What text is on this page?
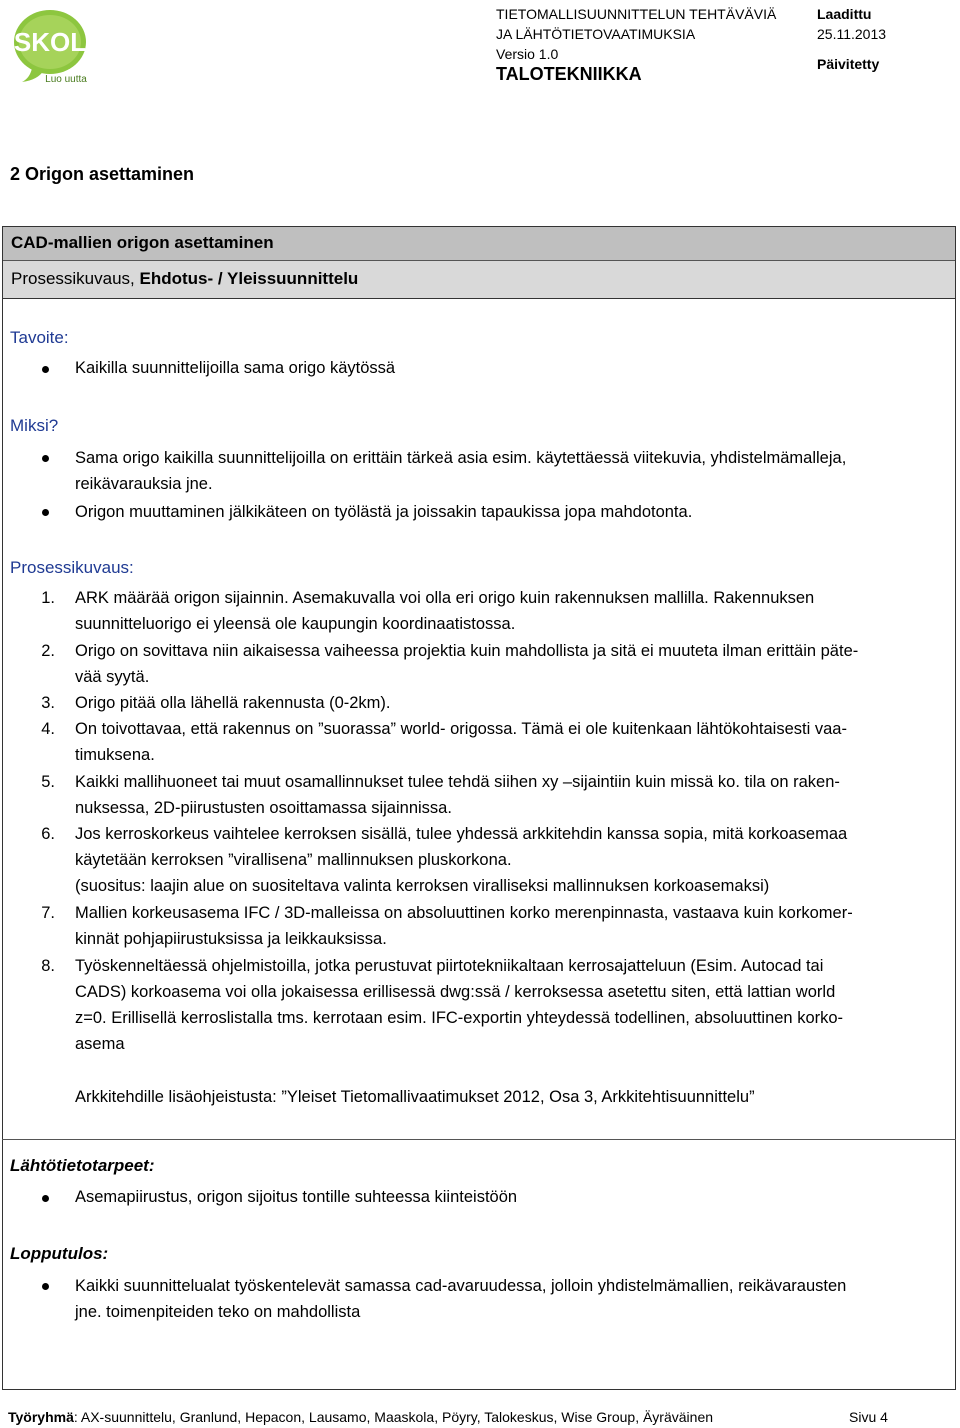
SKOL
Luo uutta
TIETOMALLISUUNNITTELUN TEHTÄVÄVIÄ
JA LÄHTÖTIETOVAATIMUKSIA
Versio 1.0
TALOTEKNIIKKA
Laadittu
25.11.2013
Päivitetty
2 Origon asettaminen
CAD-mallien origon asettaminen
Prosessikuvaus, Ehdotus- / Yleissuunnittelu
Tavoite:
Kaikilla suunnittelijoilla sama origo käytössä
Miksi?
Sama origo kaikilla suunnittelijoilla on erittäin tärkeä asia esim. käytettäessä viitekuvia, yhdistelmämalleja,
reikävarauksia jne.
Origon muuttaminen jälkikäteen on työlästä ja joissakin tapaukissa jopa mahdotonta.
Prosessikuvaus:
1. ARK määrää origon sijainnin. Asemakuvalla voi olla eri origo kuin rakennuksen mallilla. Rakennuksen
suunnitteluorigo ei yleensä ole kaupungin koordinaatistossa.
2. Origo on sovittava niin aikaisessa vaiheessa projektia kuin mahdollista ja sitä ei muuteta ilman erittäin päte-
vää syytä.
3. Origo pitää olla lähellä rakennusta (0-2km).
4. On toivottavaa, että rakennus on ”suorassa” world- origossa. Tämä ei ole kuitenkaan lähtökohtaisesti vaa-
timuksena.
5. Kaikki mallihuoneet tai muut osamallinnukset tulee tehdä siihen xy –sijaintiin kuin missä ko. tila on raken-
nuksessa, 2D-piirustusten osoittamassa sijainnissa.
6. Jos kerroskorkeus vaihtelee kerroksen sisällä, tulee yhdessä arkkitehdin kanssa sopia, mitä korkoasemaa
käytetään kerroksen ”virallisena” mallinnuksen pluskorkona.
(suositus: laajin alue on suositeltava valinta kerroksen viralliseksi mallinnuksen korkoasemaksi)
7. Mallien korkeusasema IFC / 3D-malleissa on absoluuttinen korko merenpinnasta, vastaava kuin korkomer-
kinnät pohjapiirustuksissa ja leikkauksissa.
8. Työskenneltäessä ohjelmistoilla, jotka perustuvat piirtotekniikaltaan kerrosajatteluun (Esim. Autocad tai
CADS) korkoasema voi olla jokaisessa erillisessä dwg:ssä / kerroksessa asetettu siten, että lattian world
z=0. Erillisellä kerroslistalla tms. kerrotaan esim. IFC-exportin yhteydessä todellinen, absoluuttinen korko-
asema
Arkkitehdille lisäohjeistusta: ”Yleiset Tietomallivaatimukset 2012, Osa 3, Arkkitehtisuunnittelu”
Lähtötietotarpeet:
Asemapiirustus, origon sijoitus tontille suhteessa kiinteistöön
Lopputulos:
Kaikki suunnittelualat työskentelevät samassa cad-avaruudessa, jolloin yhdistelmämallien, reikävarausten
jne. toimenpiteiden teko on mahdollista
Työryhmä: AX-suunnittelu, Granlund, Hepacon, Lausamo, Maaskola, Pöyry, Talokeskus, Wise Group, Äyräväinen	Sivu 4
